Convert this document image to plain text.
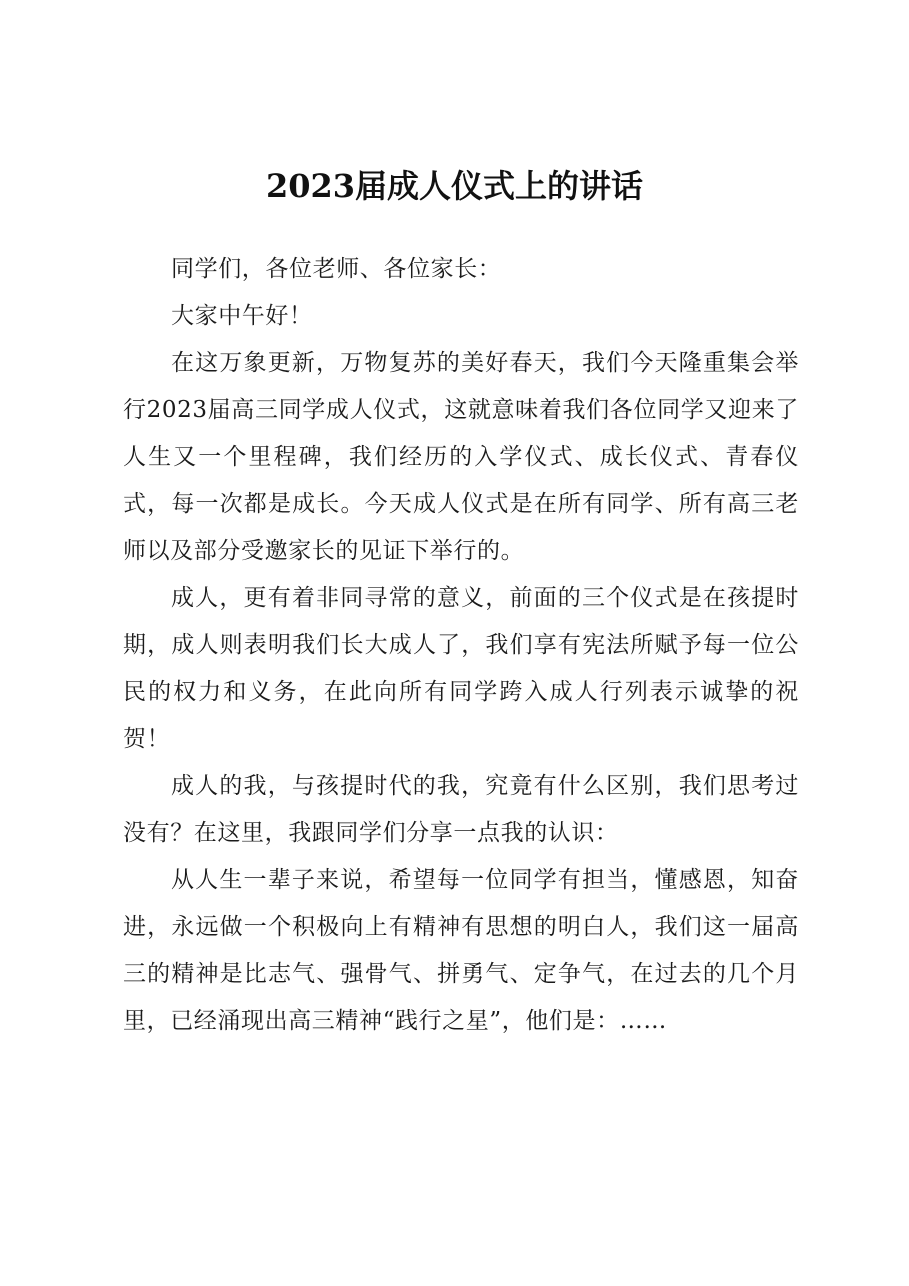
2023届成人仪式上的讲话

同学们，各位老师、各位家长：

大家中午好！

在这万象更新，万物复苏的美好春天，我们今天隆重集会举行2023届高三同学成人仪式，这就意味着我们各位同学又迎来了人生又一个里程碑，我们经历的入学仪式、成长仪式、青春仪式，每一次都是成长。今天成人仪式是在所有同学、所有高三老师以及部分受邀家长的见证下举行的。

成人，更有着非同寻常的意义，前面的三个仪式是在孩提时期，成人则表明我们长大成人了，我们享有宪法所赋予每一位公民的权力和义务，在此向所有同学跨入成人行列表示诚挚的祝贺！

成人的我，与孩提时代的我，究竟有什么区别，我们思考过没有？在这里，我跟同学们分享一点我的认识：

从人生一辈子来说，希望每一位同学有担当，懂感恩，知奋进，永远做一个积极向上有精神有思想的明白人，我们这一届高三的精神是比志气、强骨气、拼勇气、定争气，在过去的几个月里，已经涌现出高三精神“践行之星”，他们是：……
